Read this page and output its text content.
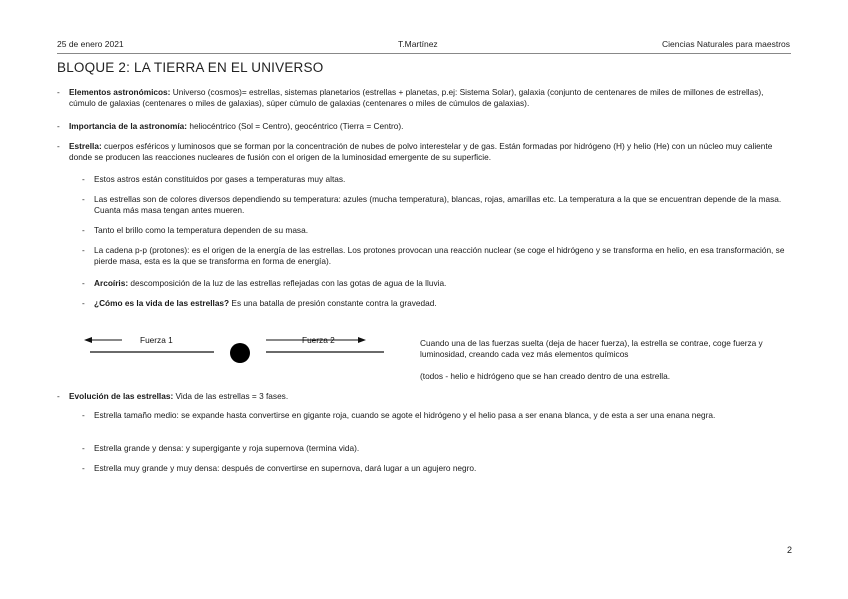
25 de enero 2021	T.Martínez	Ciencias Naturales para maestros
BLOQUE 2: LA TIERRA EN EL UNIVERSO
- Elementos astronómicos: Universo (cosmos)= estrellas, sistemas planetarios (estrellas + planetas, p.ej: Sistema Solar), galaxia (conjunto de centenares de miles de millones de estrellas), cúmulo de galaxias (centenares o miles de galaxias), súper cúmulo de galaxias (centenares o miles de cúmulos de galaxias).
- Importancia de la astronomía: heliocéntrico (Sol = Centro), geocéntrico (Tierra = Centro).
- Estrella: cuerpos esféricos y luminosos que se forman por la concentración de nubes de polvo interestelar y de gas. Están formadas por hidrógeno (H) y helio (He) con un núcleo muy caliente donde se producen las reacciones nucleares de fusión con el origen de la luminosidad emergente de su superficie.
- Estos astros están constituidos por gases a temperaturas muy altas.
- Las estrellas son de colores diversos dependiendo su temperatura: azules (mucha temperatura), blancas, rojas, amarillas etc. La temperatura a la que se encuentran depende de la masa. Cuanta más masa tengan antes mueren.
- Tanto el brillo como la temperatura dependen de su masa.
- La cadena p-p (protones): es el origen de la energía de las estrellas. Los protones provocan una reacción nuclear (se coge el hidrógeno y se transforma en helio, en esa transformación, se pierde masa, esta es la que se transforma en forma de energía).
- Arcoíris: descomposición de la luz de las estrellas reflejadas con las gotas de agua de la lluvia.
- ¿Cómo es la vida de las estrellas? Es una batalla de presión constante contra la gravedad.
Fuerza 1	Fuerza 2	Cuando una de las fuerzas suelta (deja de hacer fuerza), la estrella se contrae, coge fuerza y luminosidad, creando cada vez más elementos químicos
(todos - helio e hidrógeno que se han creado dentro de una estrella.
- Evolución de las estrellas: Vida de las estrellas = 3 fases.
- Estrella tamaño medio: se expande hasta convertirse en gigante roja, cuando se agote el hidrógeno y el helio pasa a ser enana blanca, y de esta a ser una enana negra.
- Estrella grande y densa: y supergigante y roja supernova (termina vida).
- Estrella muy grande y muy densa: después de convertirse en supernova, dará lugar a un agujero negro.
2
